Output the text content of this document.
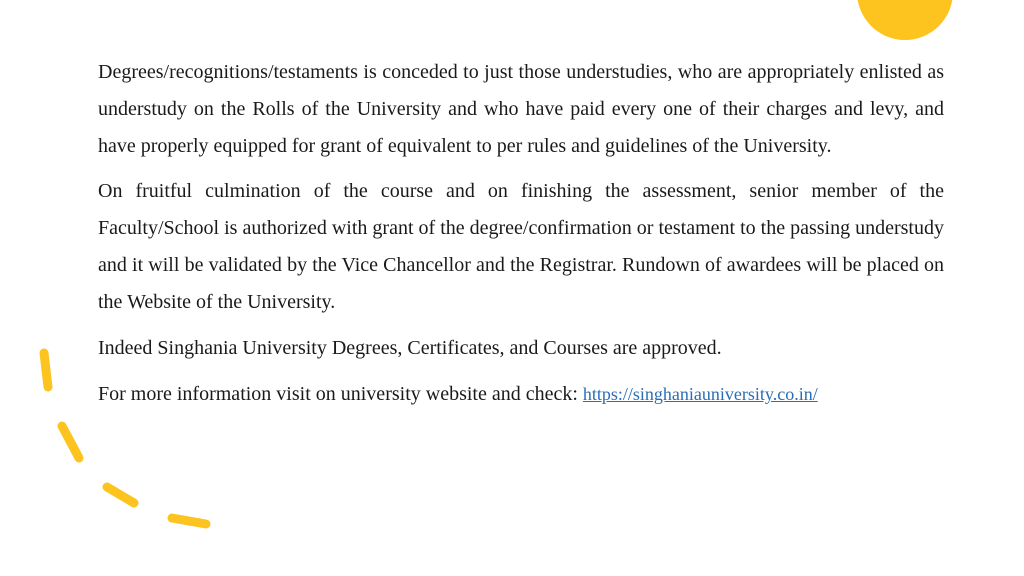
Degrees/recognitions/testaments is conceded to just those understudies, who are appropriately enlisted as understudy on the Rolls of the University and who have paid every one of their charges and levy, and have properly equipped for grant of equivalent to per rules and guidelines of the University.

On fruitful culmination of the course and on finishing the assessment, senior member of the Faculty/School is authorized with grant of the degree/confirmation or testament to the passing understudy and it will be validated by the Vice Chancellor and the Registrar. Rundown of awardees will be placed on the Website of the University.

Indeed Singhania University Degrees, Certificates, and Courses are approved.

For more information visit on university website and check: https://singhaniauniversity.co.in/
